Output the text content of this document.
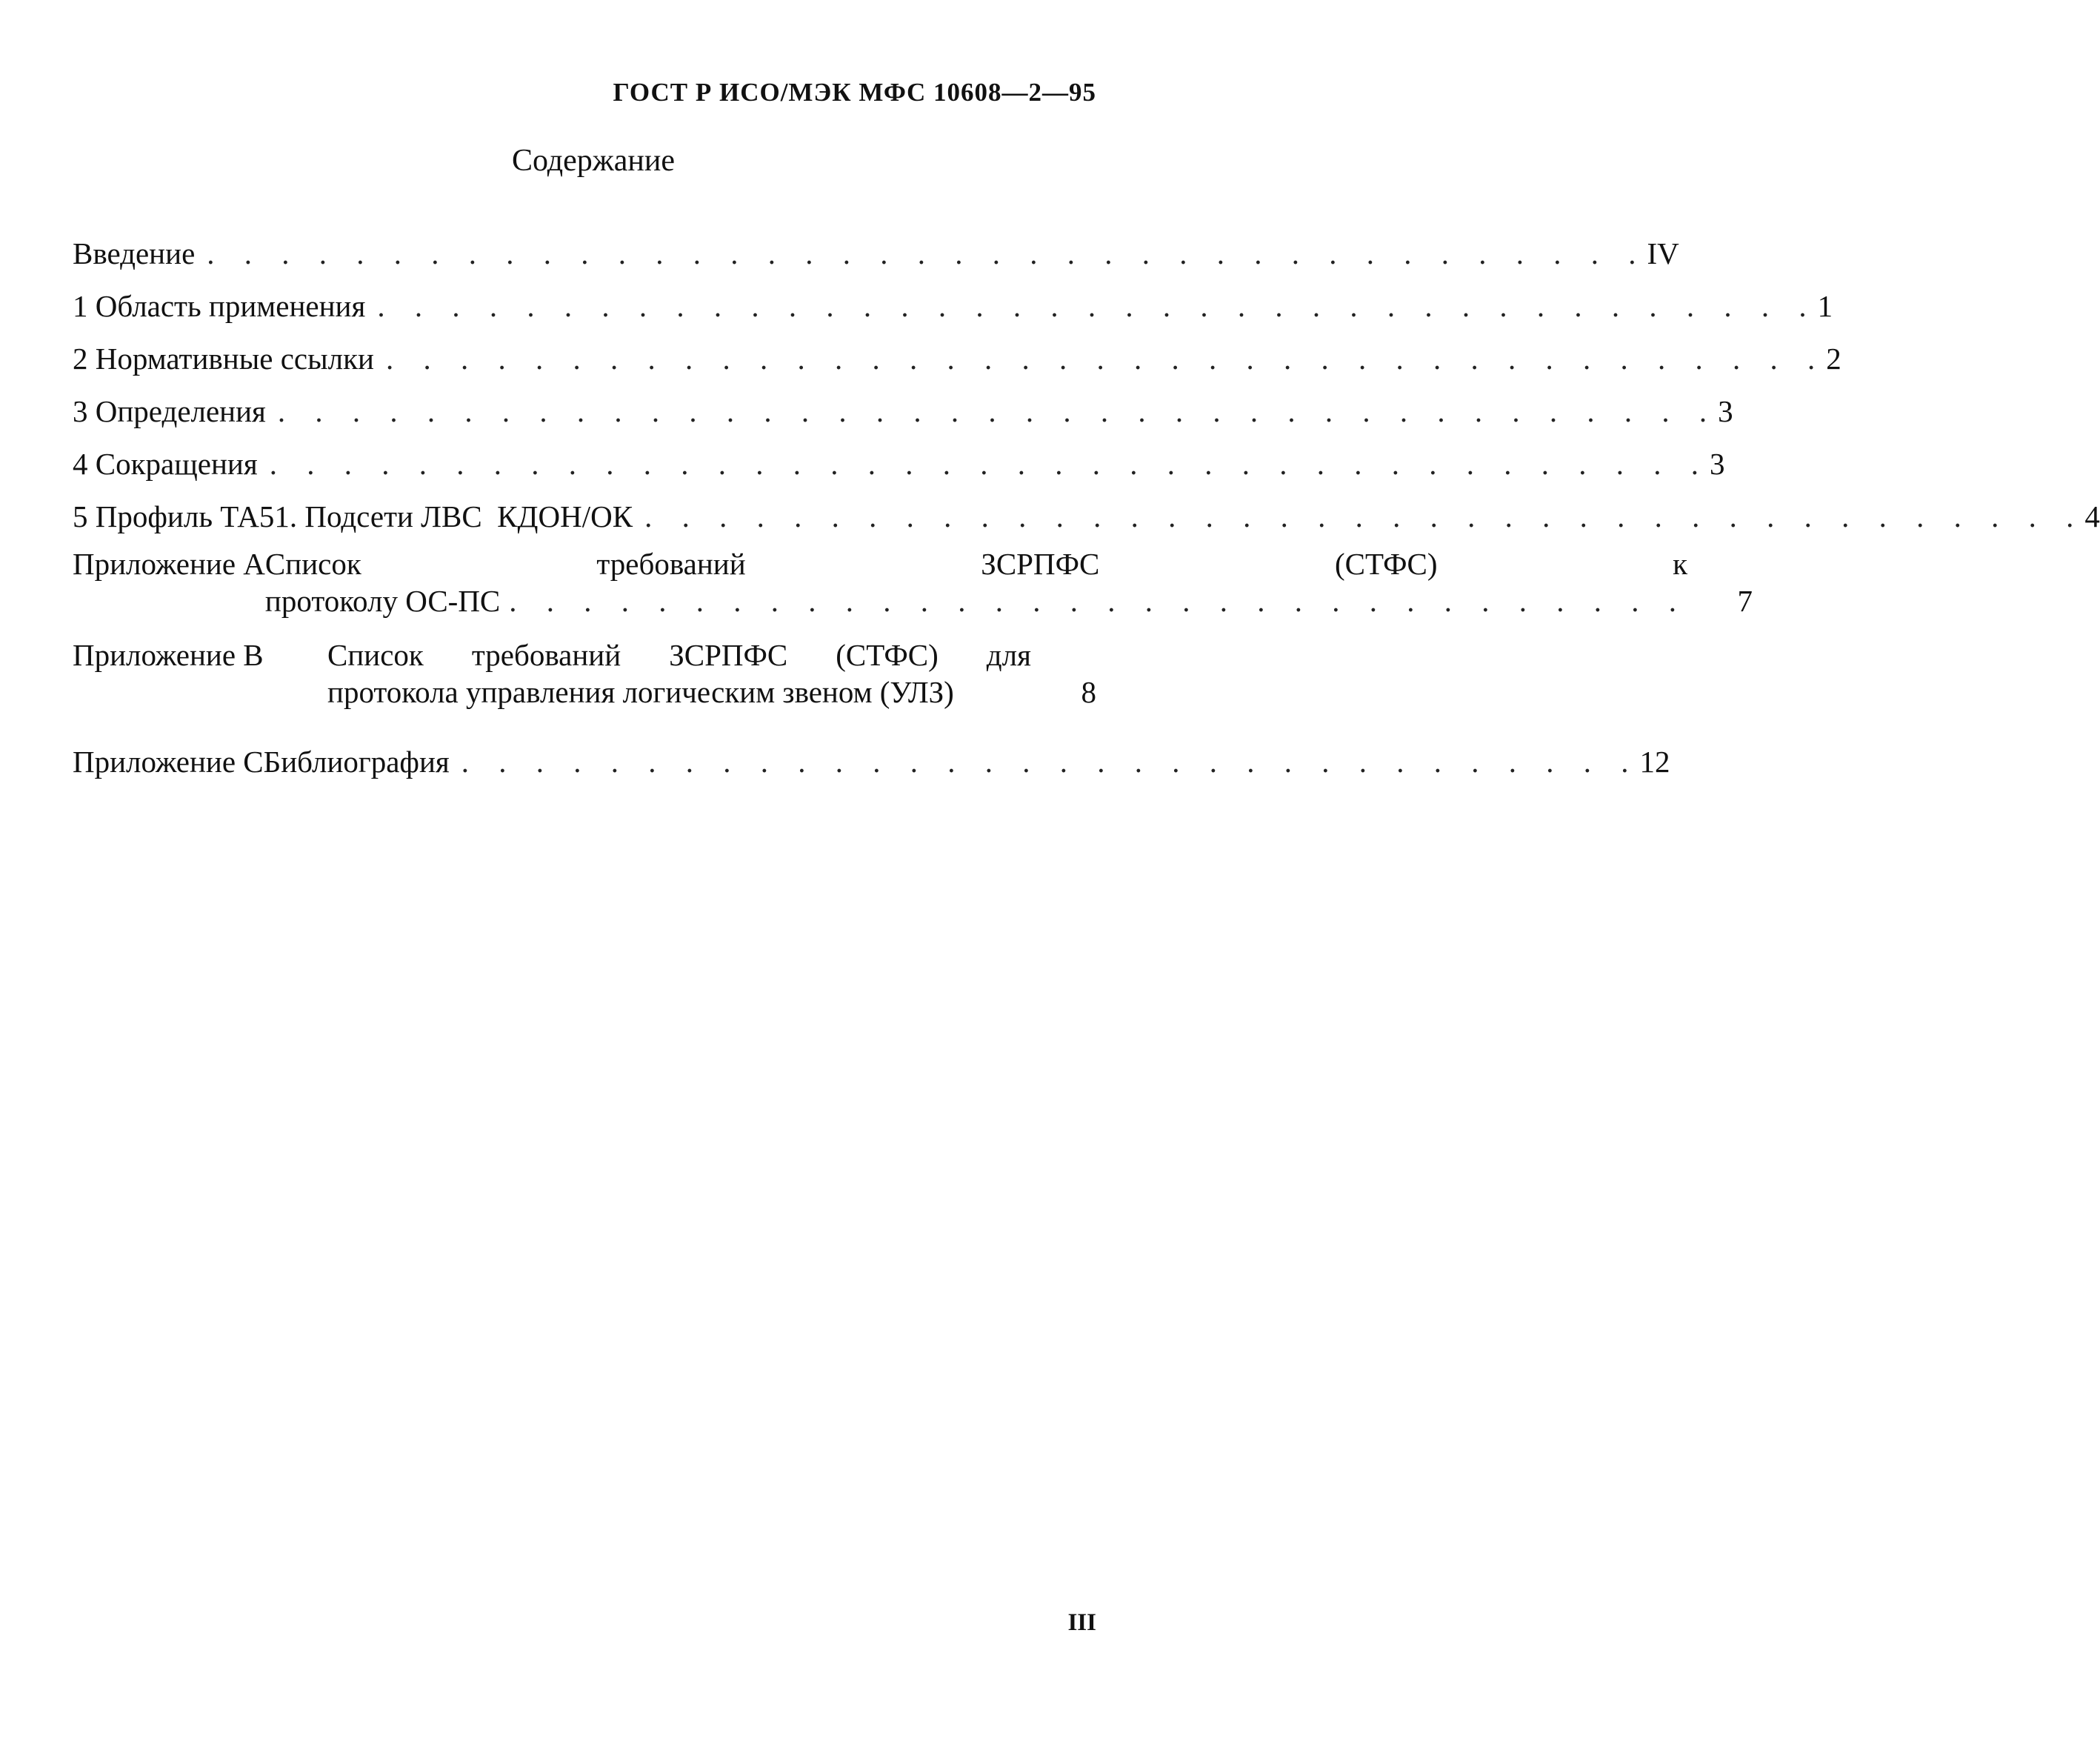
ГОСТ Р ИСО/МЭК МФС 10608—2—95
Содержание
Введение . . . . . . . . . . . . . . . . . . . . . . . . . . . . . . . . . . . . . . . IV
1 Область применения . . . . . . . . . . . . . . . . . . . . . . . . . . . . . . . . . . . . . . . 1
2 Нормативные ссылки . . . . . . . . . . . . . . . . . . . . . . . . . . . . . . . . . . . . . . . 2
3 Определения . . . . . . . . . . . . . . . . . . . . . . . . . . . . . . . . . . . . . . . 3
4 Сокращения . . . . . . . . . . . . . . . . . . . . . . . . . . . . . . . . . . . . . . . 3
5 Профиль ТА51. Подсети ЛВС  КДОН/ОК . . . . . . . . . . . . . . . . . . . . . . . . . . . . . . . . . . . . . . . 4
Приложение А Список	требований	ЗСРПФС	(СТФС)	к
протоколу ОС-ПС . . . . . . . . . . . . . . . . . . . . . . . . . . . . . . . .	7
Приложение В	Список требований ЗСРПФС (СТФС) для
протокола управления логическим звеном (УЛЗ)	8
Приложение С Библиография . . . . . . . . . . . . . . . . . . . . . . . . . . . . . . . . 12
III
